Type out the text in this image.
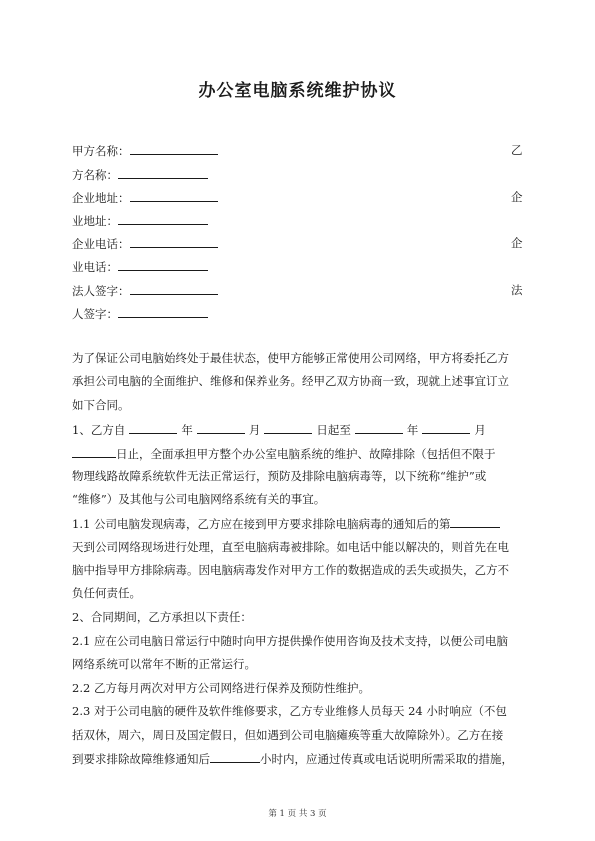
办公室电脑系统维护协议
甲方名称：	乙
方名称：
企业地址：	企
业地址：
企业电话：	企
业电话：
法人签字：	法
人签字：
为了保证公司电脑始终处于最佳状态，使甲方能够正常使用公司网络，甲方将委托乙方
承担公司电脑的全面维护、维修和保养业务。经甲乙双方协商一致，现就上述事宜订立
如下合同。
1、乙方自	年	月	日起至	年	月
日止，全面承担甲方整个办公室电脑系统的维护、故障排除（包括但不限于
物理线路故障系统软件无法正常运行，预防及排除电脑病毒等，以下统称“维护”或
“维修”）及其他与公司电脑网络系统有关的事宜。
1.1 公司电脑发现病毒，乙方应在接到甲方要求排除电脑病毒的通知后的第
天到公司网络现场进行处理，直至电脑病毒被排除。如电话中能以解决的，则首先在电
脑中指导甲方排除病毒。因电脑病毒发作对甲方工作的数据造成的丢失或损失，乙方不
负任何责任。
2、合同期间，乙方承担以下责任：
2.1 应在公司电脑日常运行中随时向甲方提供操作使用咨询及技术支持，以便公司电脑
网络系统可以常年不断的正常运行。
2.2 乙方每月两次对甲方公司网络进行保养及预防性维护。
2.3 对于公司电脑的硬件及软件维修要求，乙方专业维修人员每天 24 小时响应（不包
括双休，周六，周日及国定假日，但如遇到公司电脑瘫痪等重大故障除外）。乙方在接
到要求排除故障维修通知后	小时内，应通过传真或电话说明所需采取的措施，
第 1 页 共 3 页
